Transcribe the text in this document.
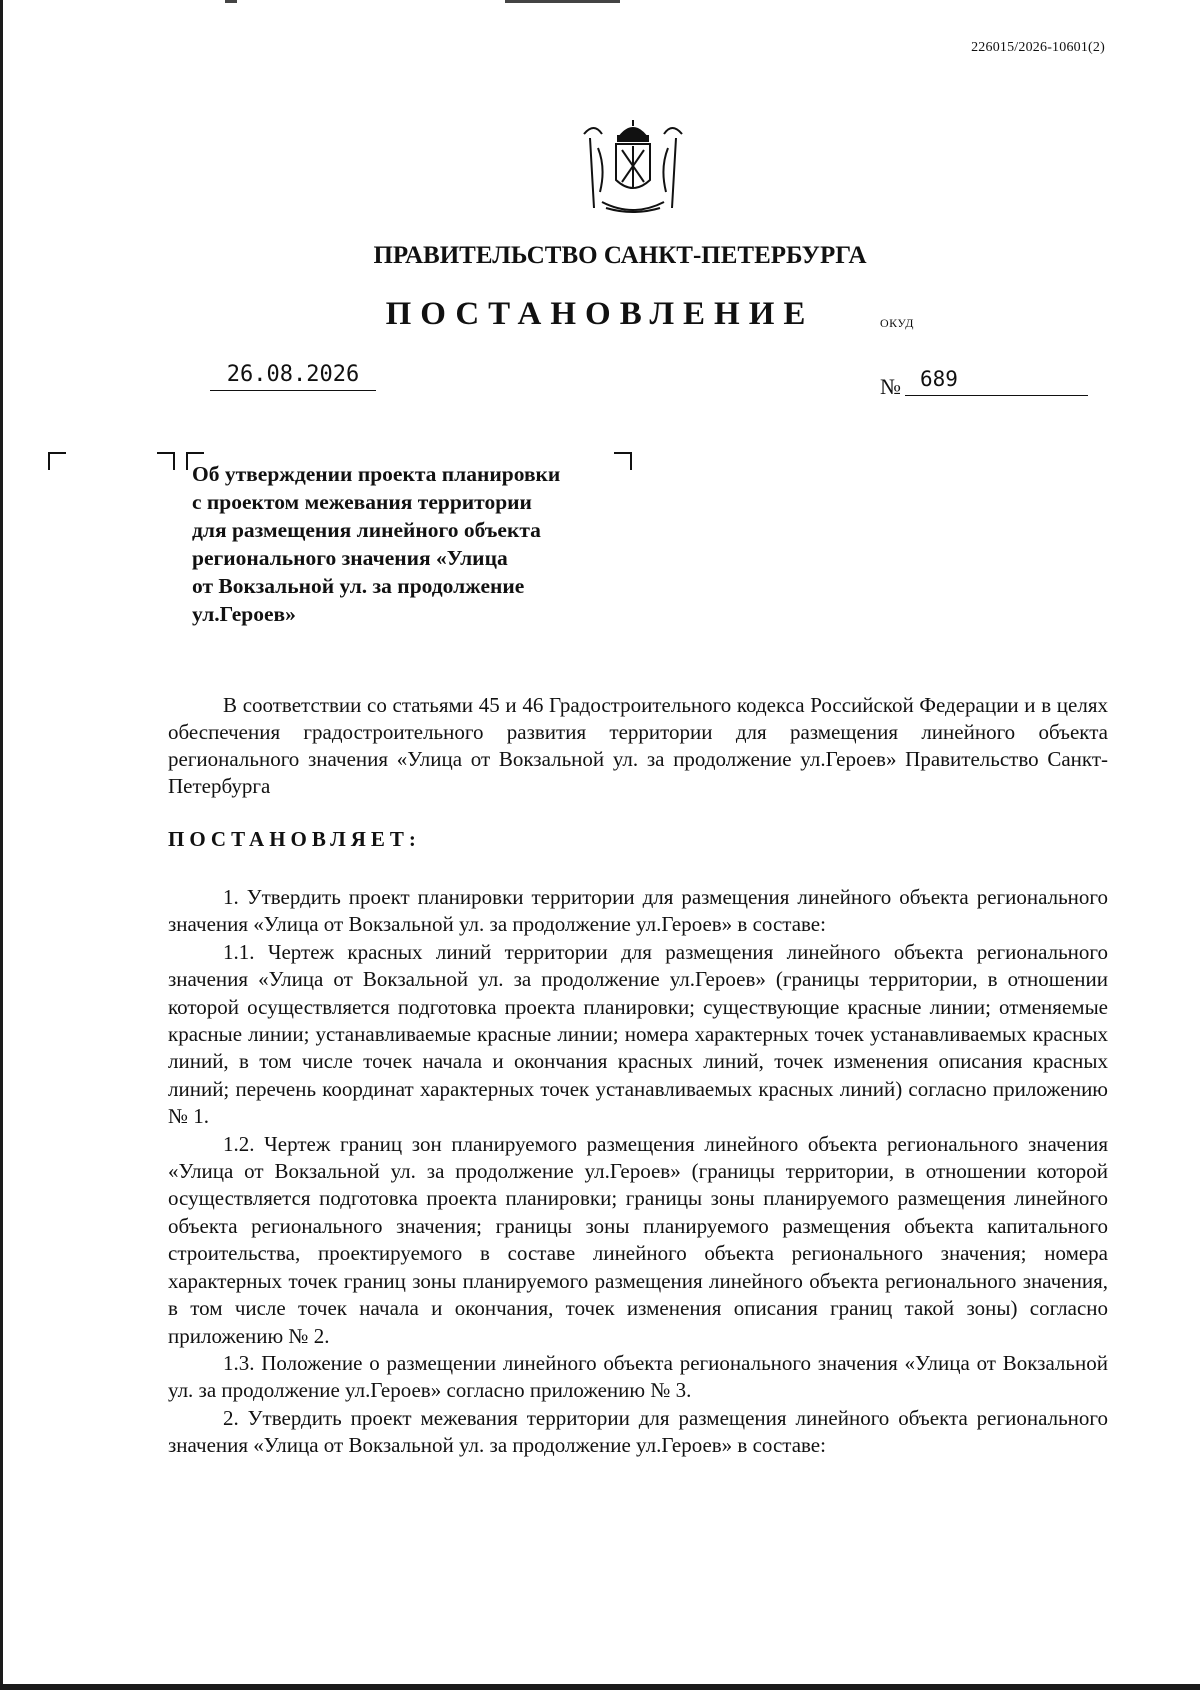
226015/2026-10601(2)
ПРАВИТЕЛЬСТВО САНКТ-ПЕТЕРБУРГА
ПОСТАНОВЛЕНИЕ	ОКУД
26.08.2026	№ 689
Об утверждении проекта планировки
с проектом межевания территории
для размещения линейного объекта
регионального значения «Улица
от Вокзальной ул. за продолжение
ул.Героев»

В соответствии со статьями 45 и 46 Градостроительного кодекса Российской Федерации и в целях обеспечения градостроительного развития территории для размещения линейного объекта регионального значения «Улица от Вокзальной ул. за продолжение ул.Героев» Правительство Санкт-Петербурга

ПОСТАНОВЛЯЕТ:

1. Утвердить проект планировки территории для размещения линейного объекта регионального значения «Улица от Вокзальной ул. за продолжение ул.Героев» в составе:

1.1. Чертеж красных линий территории для размещения линейного объекта регионального значения «Улица от Вокзальной ул. за продолжение ул.Героев» (границы территории, в отношении которой осуществляется подготовка проекта планировки; существующие красные линии; отменяемые красные линии; устанавливаемые красные линии; номера характерных точек устанавливаемых красных линий, в том числе точек начала и окончания красных линий, точек изменения описания красных линий; перечень координат характерных точек устанавливаемых красных линий) согласно приложению № 1.

1.2. Чертеж границ зон планируемого размещения линейного объекта регионального значения «Улица от Вокзальной ул. за продолжение ул.Героев» (границы территории, в отношении которой осуществляется подготовка проекта планировки; границы зоны планируемого размещения линейного объекта регионального значения; границы зоны планируемого размещения объекта капитального строительства, проектируемого в составе линейного объекта регионального значения; номера характерных точек границ зоны планируемого размещения линейного объекта регионального значения, в том числе точек начала и окончания, точек изменения описания границ такой зоны) согласно приложению № 2.

1.3. Положение о размещении линейного объекта регионального значения «Улица от Вокзальной ул. за продолжение ул.Героев» согласно приложению № 3.

2. Утвердить проект межевания территории для размещения линейного объекта регионального значения «Улица от Вокзальной ул. за продолжение ул.Героев» в составе:
